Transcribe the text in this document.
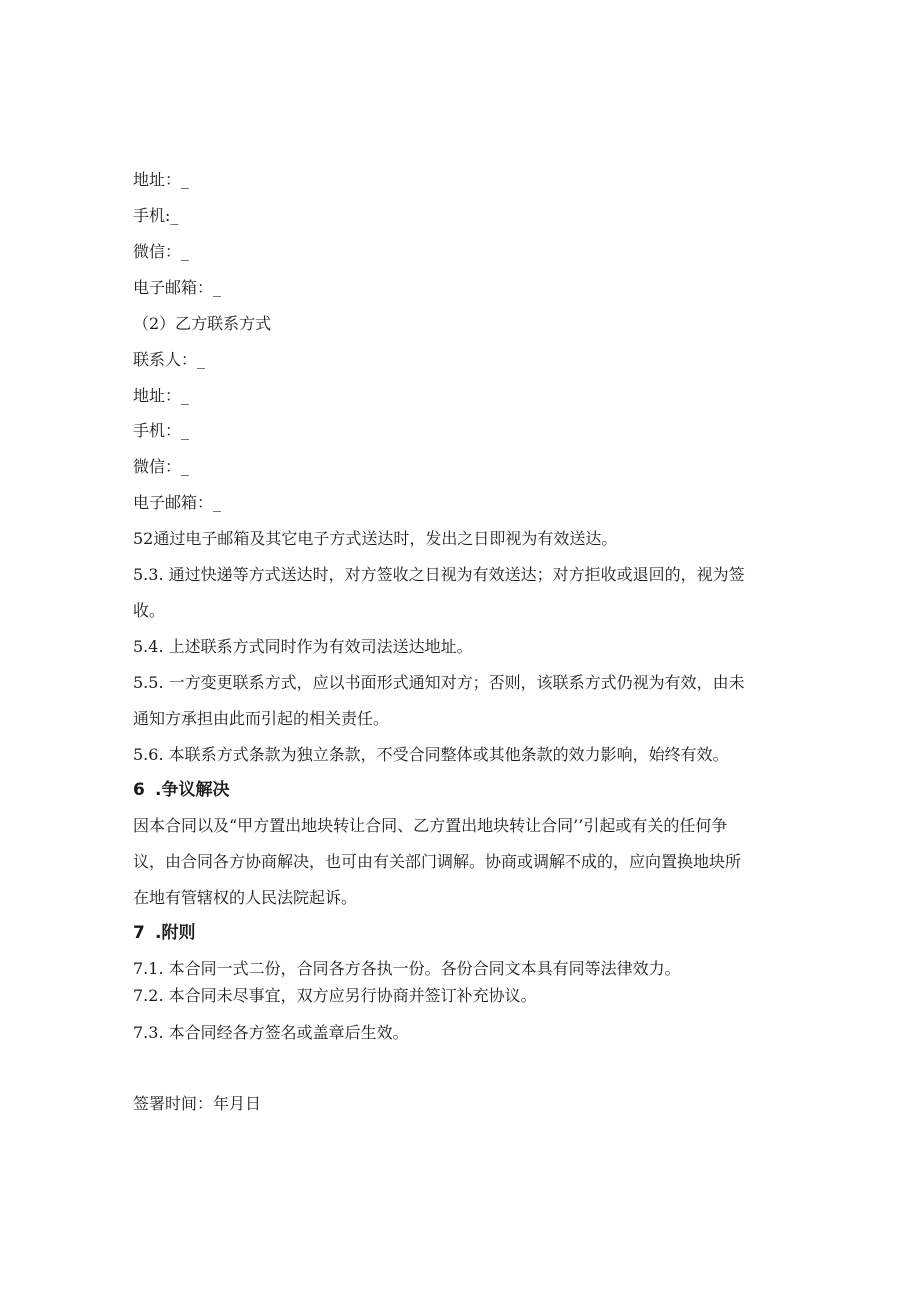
地址：_
手机:_
微信：_
电子邮箱：_
（2）乙方联系方式
联系人：_
地址：_
手机：_
微信：_
电子邮箱：_
52通过电子邮箱及其它电子方式送达时，发出之日即视为有效送达。
5.3. 通过快递等方式送达时，对方签收之日视为有效送达；对方拒收或退回的，视为签
收。
5.4. 上述联系方式同时作为有效司法送达地址。
5.5. 一方变更联系方式，应以书面形式通知对方；否则，该联系方式仍视为有效，由未
通知方承担由此而引起的相关责任。
5.6. 本联系方式条款为独立条款，不受合同整体或其他条款的效力影响，始终有效。
6 .争议解决
因本合同以及“甲方置出地块转让合同、乙方置出地块转让合同’’引起或有关的任何争
议，由合同各方协商解决，也可由有关部门调解。协商或调解不成的，应向置换地块所
在地有管辖权的人民法院起诉。
7 .附则
7.1. 本合同一式二份，合同各方各执一份。各份合同文本具有同等法律效力。
7.2. 本合同未尽事宜，双方应另行协商并签订补充协议。
7.3. 本合同经各方签名或盖章后生效。
签署时间：年月日
